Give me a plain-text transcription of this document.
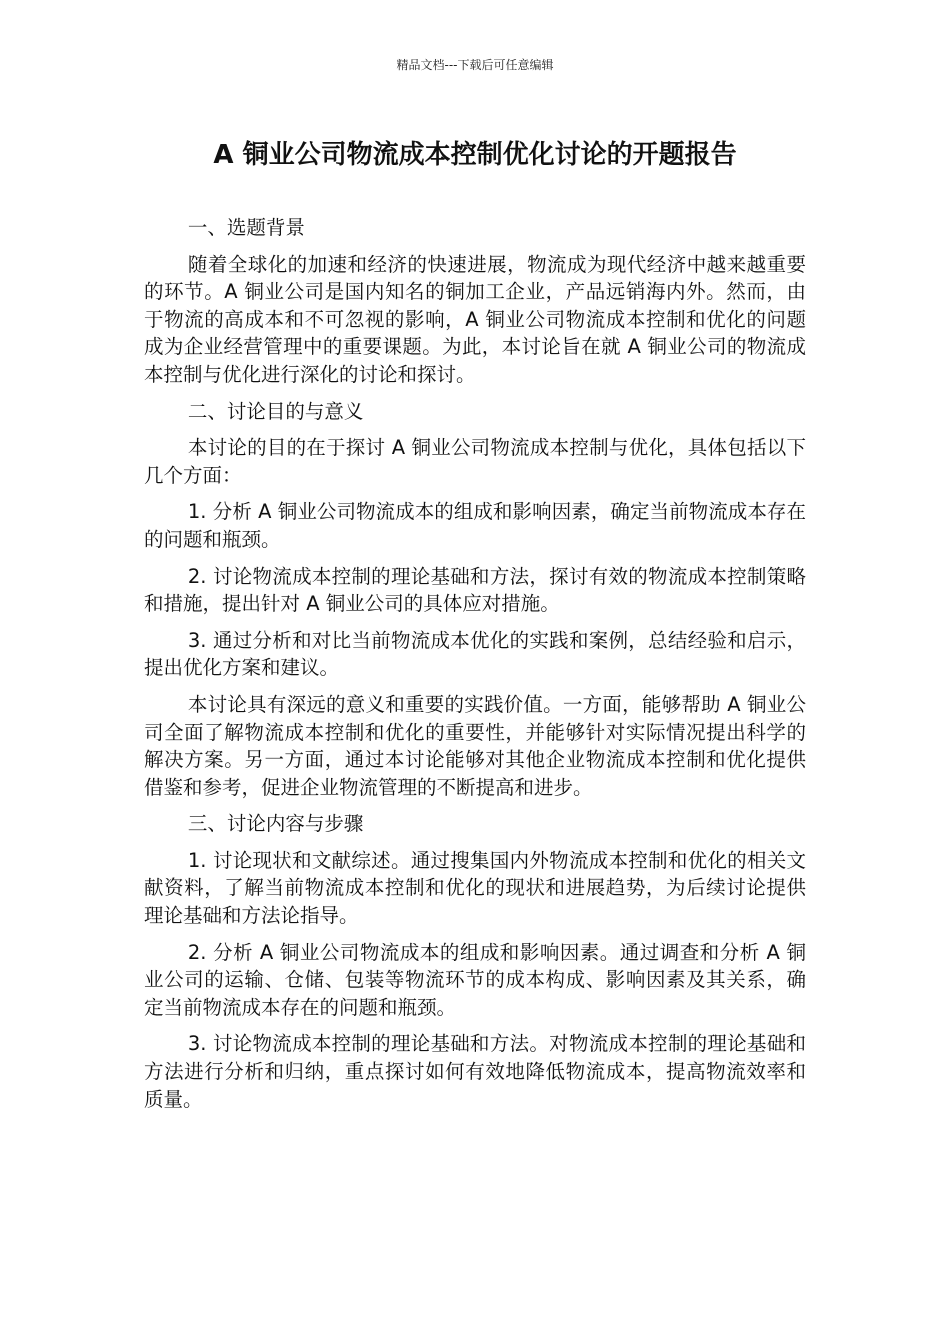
精品文档---下载后可任意编辑
A 铜业公司物流成本控制优化讨论的开题报告

一、选题背景

随着全球化的加速和经济的快速进展，物流成为现代经济中越来越重要的环节。A 铜业公司是国内知名的铜加工企业，产品远销海内外。然而，由于物流的高成本和不可忽视的影响，A 铜业公司物流成本控制和优化的问题成为企业经营管理中的重要课题。为此，本讨论旨在就 A 铜业公司的物流成本控制与优化进行深化的讨论和探讨。

二、讨论目的与意义

本讨论的目的在于探讨 A 铜业公司物流成本控制与优化，具体包括以下几个方面：

1. 分析 A 铜业公司物流成本的组成和影响因素，确定当前物流成本存在的问题和瓶颈。

2. 讨论物流成本控制的理论基础和方法，探讨有效的物流成本控制策略和措施，提出针对 A 铜业公司的具体应对措施。

3. 通过分析和对比当前物流成本优化的实践和案例，总结经验和启示，提出优化方案和建议。

本讨论具有深远的意义和重要的实践价值。一方面，能够帮助 A 铜业公司全面了解物流成本控制和优化的重要性，并能够针对实际情况提出科学的解决方案。另一方面，通过本讨论能够对其他企业物流成本控制和优化提供借鉴和参考，促进企业物流管理的不断提高和进步。

三、讨论内容与步骤

1. 讨论现状和文献综述。通过搜集国内外物流成本控制和优化的相关文献资料，了解当前物流成本控制和优化的现状和进展趋势，为后续讨论提供理论基础和方法论指导。

2. 分析 A 铜业公司物流成本的组成和影响因素。通过调查和分析 A 铜业公司的运输、仓储、包装等物流环节的成本构成、影响因素及其关系，确定当前物流成本存在的问题和瓶颈。

3. 讨论物流成本控制的理论基础和方法。对物流成本控制的理论基础和方法进行分析和归纳，重点探讨如何有效地降低物流成本，提高物流效率和质量。
